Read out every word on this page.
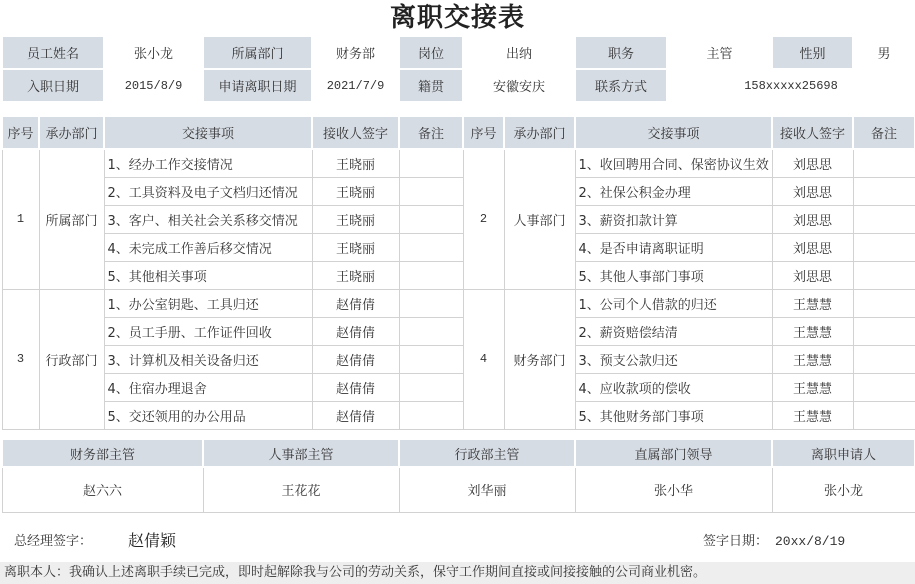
离职交接表
员工姓名	张小龙	所属部门	财务部	岗位	出纳	职务	主管	性别	男
入职日期	2015/8/9	申请离职日期	2021/7/9	籍贯	安徽安庆	联系方式	158xxxxx25698		
序号	承办部门	交接事项	接收人签字	备注	序号	承办部门	交接事项	接收人签字	备注
1	所属部门	1、经办工作交接情况	王晓丽		2	人事部门	1、收回聘用合同、保密协议生效	刘思思	
		2、工具资料及电子文档归还情况	王晓丽				2、社保公积金办理	刘思思	
		3、客户、相关社会关系移交情况	王晓丽				3、薪资扣款计算	刘思思	
		4、未完成工作善后移交情况	王晓丽				4、是否申请离职证明	刘思思	
		5、其他相关事项	王晓丽				5、其他人事部门事项	刘思思	
3	行政部门	1、办公室钥匙、工具归还	赵倩倩		4	财务部门	1、公司个人借款的归还	王慧慧	
		2、员工手册、工作证件回收	赵倩倩				2、薪资赔偿结清	王慧慧	
		3、计算机及相关设备归还	赵倩倩				3、预支公款归还	王慧慧	
		4、住宿办理退舍	赵倩倩				4、应收款项的偿收	王慧慧	
		5、交还领用的办公用品	赵倩倩				5、其他财务部门事项	王慧慧	
财务部主管	人事部主管	行政部主管	直属部门领导	离职申请人
赵六六	王花花	刘华丽	张小华	张小龙
总经理签字： 赵倩颖	签字日期： 20xx/8/19
离职本人：我确认上述离职手续已完成，即时起解除我与公司的劳动关系，保守工作期间直接或间接接触的公司商业机密。
